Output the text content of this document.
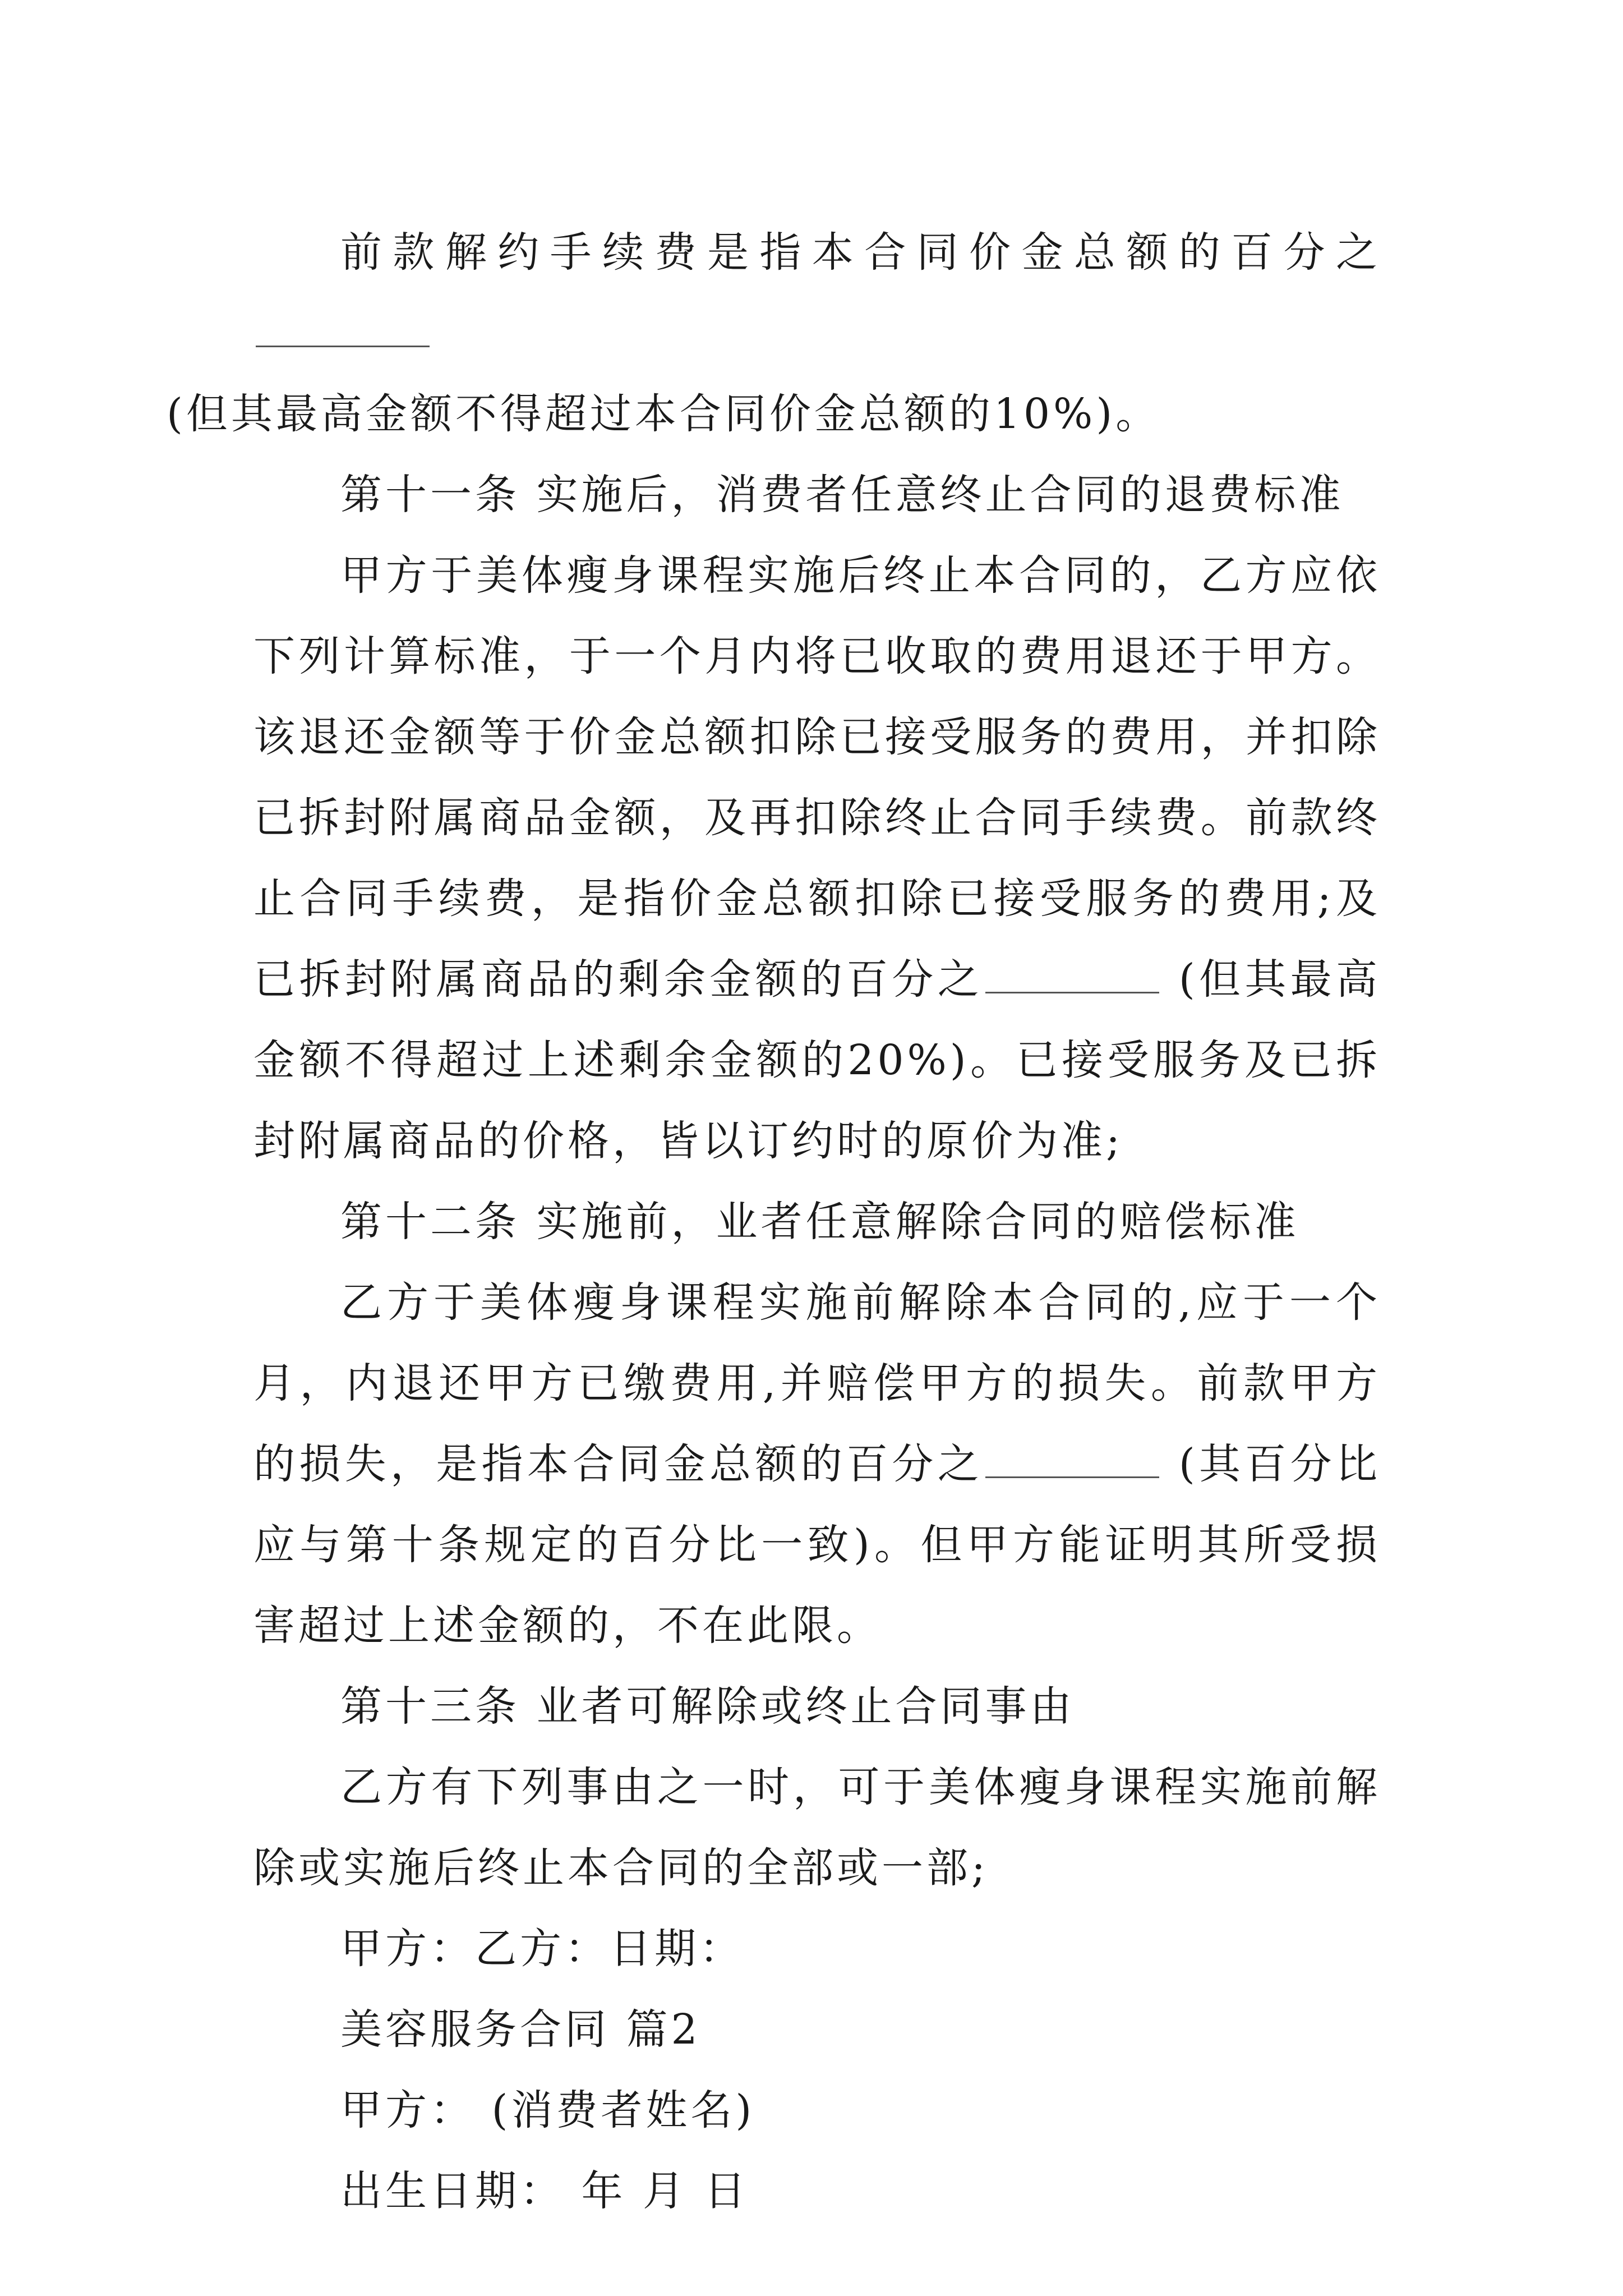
前款解约手续费是指本合同价金总额的百分之
(但其最高金额不得超过本合同价金总额的10%)。

第十一条 实施后，消费者任意终止合同的退费标准

甲方于美体瘦身课程实施后终止本合同的，乙方应依下列计算标准，于一个月内将已收取的费用退还于甲方。该退还金额等于价金总额扣除已接受服务的费用，并扣除已拆封附属商品金额，及再扣除终止合同手续费。前款终止合同手续费，是指价金总额扣除已接受服务的费用;及已拆封附属商品的剩余金额的百分之	(但其最高金额不得超过上述剩余金额的20%)。已接受服务及已拆封附属商品的价格，皆以订约时的原价为准;

第十二条 实施前，业者任意解除合同的赔偿标准

乙方于美体瘦身课程实施前解除本合同的,应于一个月，内退还甲方已缴费用,并赔偿甲方的损失。前款甲方的损失，是指本合同金总额的百分之	(其百分比应与第十条规定的百分比一致)。但甲方能证明其所受损害超过上述金额的，不在此限。

第十三条 业者可解除或终止合同事由

乙方有下列事由之一时，可于美体瘦身课程实施前解除或实施后终止本合同的全部或一部;

甲方：乙方：日期：

美容服务合同 篇2

甲方： (消费者姓名)

出生日期： 年 月 日
